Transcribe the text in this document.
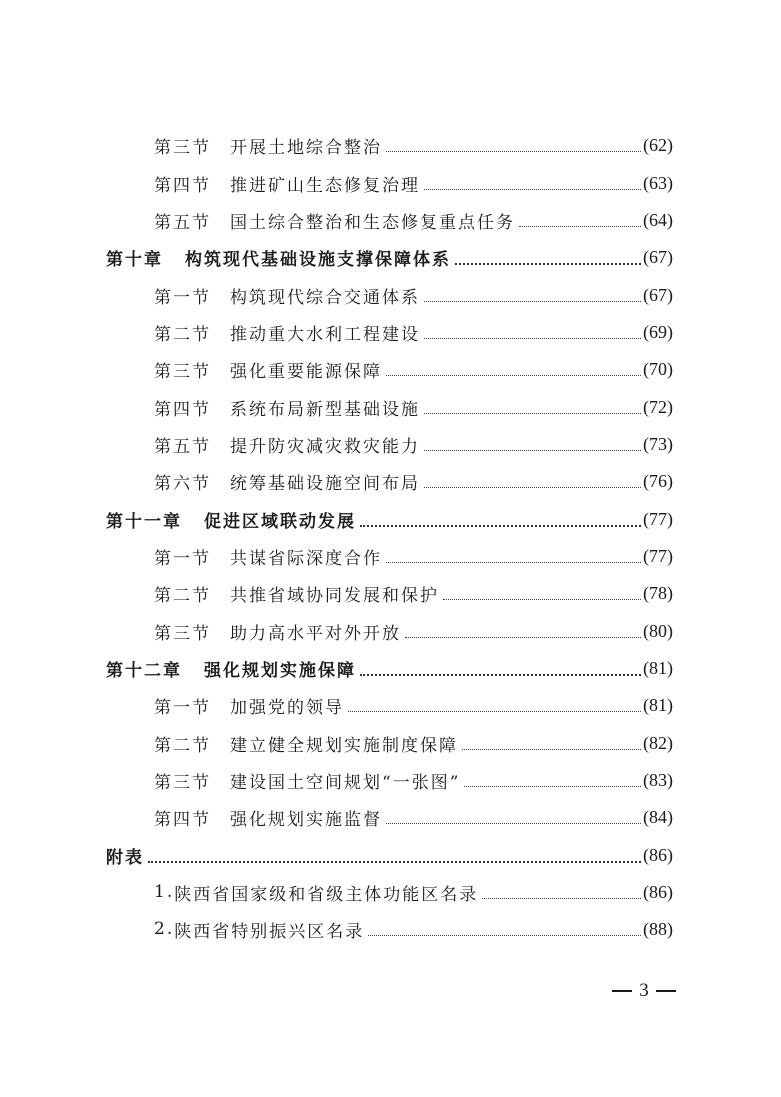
第三节	开展土地综合整治	(62)
第四节	推进矿山生态修复治理	(63)
第五节	国土综合整治和生态修复重点任务	(64)
第十章 构筑现代基础设施支撑保障体系	(67)
第一节	构筑现代综合交通体系	(67)
第二节	推动重大水利工程建设	(69)
第三节	强化重要能源保障	(70)
第四节	系统布局新型基础设施	(72)
第五节	提升防灾减灾救灾能力	(73)
第六节	统筹基础设施空间布局	(76)
第十一章 促进区域联动发展	(77)
第一节	共谋省际深度合作	(77)
第二节	共推省域协同发展和保护	(78)
第三节	助力高水平对外开放	(80)
第十二章 强化规划实施保障	(81)
第一节	加强党的领导	(81)
第二节	建立健全规划实施制度保障	(82)
第三节	建设国土空间规划“一张图”	(83)
第四节	强化规划实施监督	(84)
附表	(86)
1. 陕西省国家级和省级主体功能区名录	(86)
2. 陕西省特别振兴区名录	(88)
3
